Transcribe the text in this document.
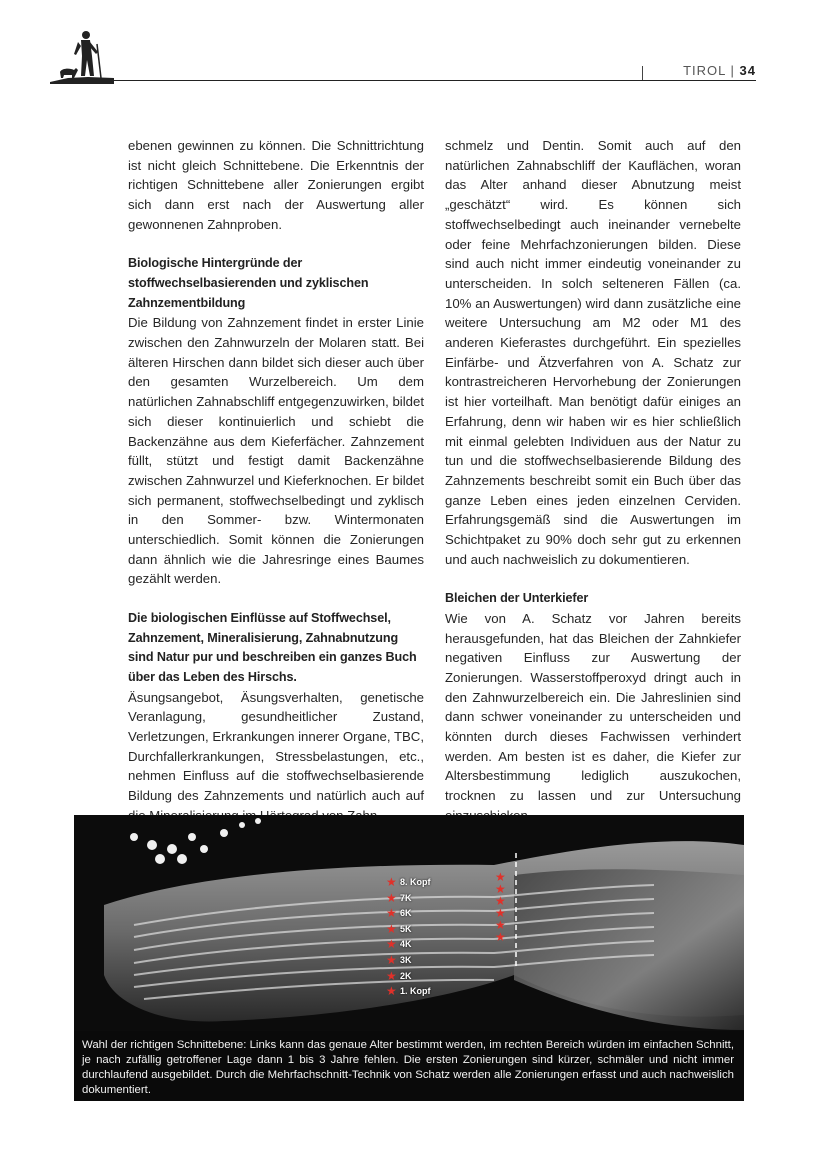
TIROL | 34

ebenen gewinnen zu können. Die Schnittrichtung ist nicht gleich Schnittebene. Die Erkenntnis der richtigen Schnittebene aller Zonierungen ergibt sich dann erst nach der Auswertung aller gewonnenen Zahnproben.

Biologische Hintergründe der stoffwechselbasierenden und zyklischen Zahnzementbildung

Die Bildung von Zahnzement findet in erster Linie zwischen den Zahnwurzeln der Molaren statt. Bei älteren Hirschen dann bildet sich dieser auch über den gesamten Wurzelbereich. Um dem natürlichen Zahnabschliff entgegenzuwirken, bildet sich dieser kontinuierlich und schiebt die Backenzähne aus dem Kieferfächer. Zahnzement füllt, stützt und festigt damit Backenzähne zwischen Zahnwurzel und Kieferknochen. Er bildet sich permanent, stoffwechselbedingt und zyklisch in den Sommer- bzw. Wintermonaten unterschiedlich. Somit können die Zonierungen dann ähnlich wie die Jahresringe eines Baumes gezählt werden.

Die biologischen Einflüsse auf Stoffwechsel, Zahnzement, Mineralisierung, Zahnabnutzung sind Natur pur und beschreiben ein ganzes Buch über das Leben des Hirschs.

Äsungsangebot, Äsungsverhalten, genetische Veranlagung, gesundheitlicher Zustand, Verletzungen, Erkrankungen innerer Organe, TBC, Durchfallerkrankungen, Stressbelastungen, etc., nehmen Einfluss auf die stoffwechselbasierende Bildung des Zahnzements und natürlich auch auf

schmelz und Dentin. Somit auch auf den natürlichen Zahnabschliff der Kauflächen, woran das Alter anhand dieser Abnutzung meist „geschätzt“ wird. Es können sich stoffwechselbedingt auch ineinander vernebelte oder feine Mehrfachzonierungen bilden. Diese sind auch nicht immer eindeutig voneinander zu unterscheiden. In solch selteneren Fällen (ca. 10% an Auswertungen) wird dann zusätzliche eine weitere Untersuchung am M2 oder M1 des anderen Kieferastes durchgeführt. Ein spezielles Einfärbe- und Ätzverfahren von A. Schatz zur kontrastreicheren Hervorhebung der Zonierungen ist hier vorteilhaft. Man benötigt dafür einiges an Erfahrung, denn wir haben wir es hier schließlich mit einmal gelebten Individuen aus der Natur zu tun und die stoffwechselbasierende Bildung des Zahnzements beschreibt somit ein Buch über das ganze Leben eines jeden einzelnen Cerviden. Erfahrungsgemäß sind die Auswertungen im Schichtpaket zu 90% doch sehr gut zu erkennen und auch nachweislich zu dokumentieren.

Bleichen der Unterkiefer

Wie von A. Schatz vor Jahren bereits herausgefunden, hat das Bleichen der Zahnkiefer negativen Einfluss zur Auswertung der Zonierungen. Wasserstoffperoxyd dringt auch in den Zahnwurzelbereich ein. Die Jahreslinien sind dann schwer voneinander zu unterscheiden und könnten durch dieses Fachwissen verhindert werden. Am besten ist es daher, die Kiefer zur Altersbestimmung lediglich auszukochen, trocknen zu lassen und zur Untersuchung

★ 8. Kopf
★ 7K
★ 6K
★ 5K
★ 4K
★ 3K
★ 2K
★ 1. Kopf
★
★
★
★
★
★
Wahl der richtigen Schnittebene: Links kann das genaue Alter bestimmt werden, im rechten Bereich würden im einfachen Schnitt, je nach zufällig getroffener Lage dann 1 bis 3 Jahre fehlen. Die ersten Zonierungen sind kürzer, schmäler und nicht immer durchlaufend ausgebildet. Durch die Mehrfachschnitt-Technik von Schatz werden alle Zonierungen erfasst und auch nachweislich dokumentiert.
